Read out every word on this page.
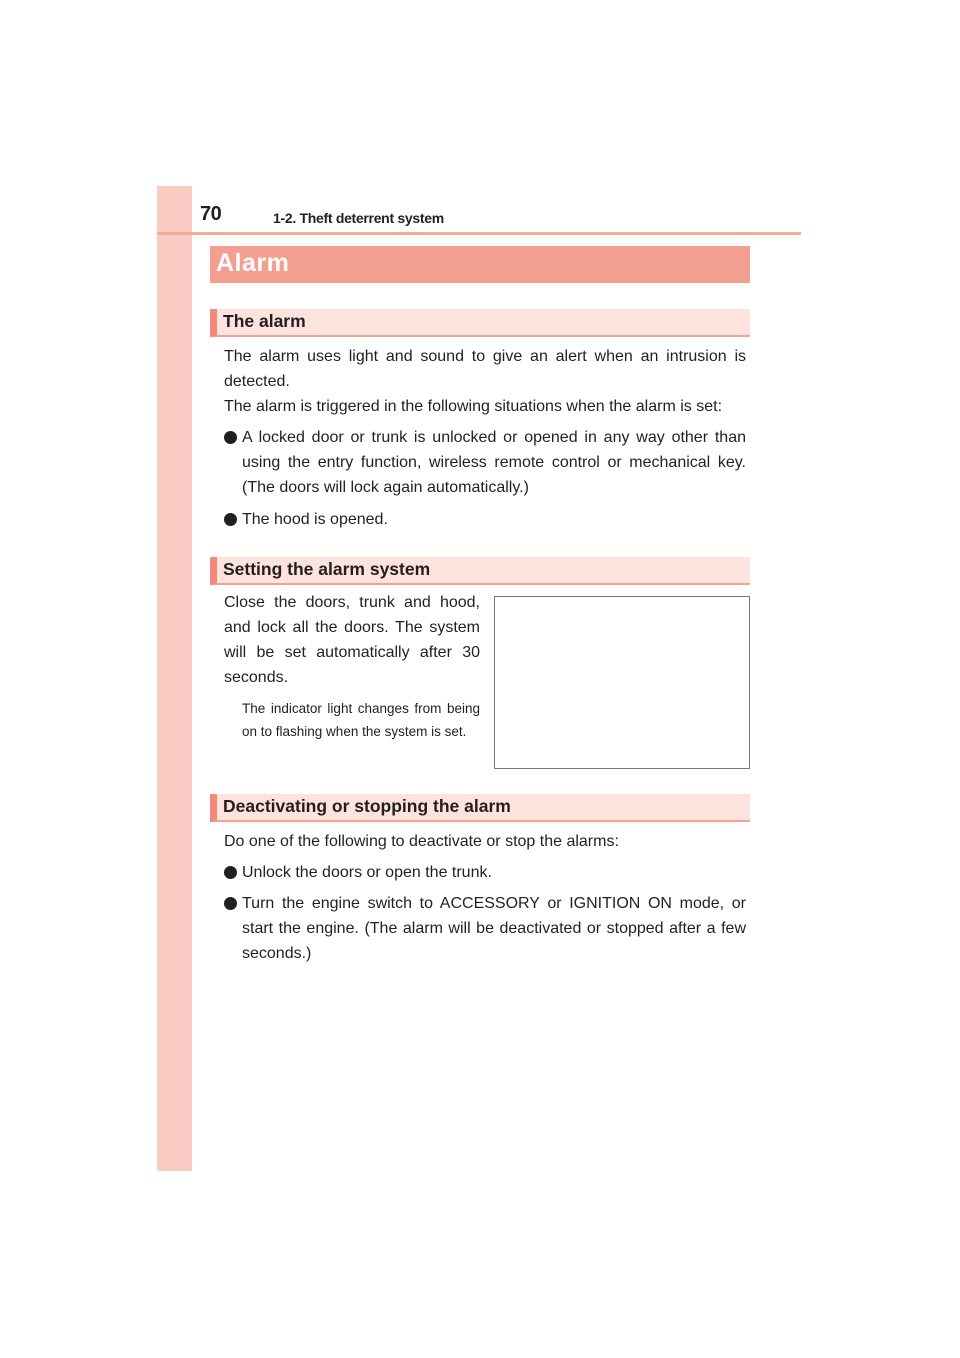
70	1-2. Theft deterrent system
Alarm
The alarm

The alarm uses light and sound to give an alert when an intrusion is detected.

The alarm is triggered in the following situations when the alarm is set:

A locked door or trunk is unlocked or opened in any way other than using the entry function, wireless remote control or mechanical key. (The doors will lock again automatically.)
The hood is opened.
Setting the alarm system

Close the doors, trunk and hood, and lock all the doors. The system will be set automatically after 30 seconds.

The indicator light changes from being on to flashing when the system is set.

Deactivating or stopping the alarm

Do one of the following to deactivate or stop the alarms:

Unlock the doors or open the trunk.
Turn the engine switch to ACCESSORY or IGNITION ON mode, or start the engine. (The alarm will be deactivated or stopped after a few seconds.)
